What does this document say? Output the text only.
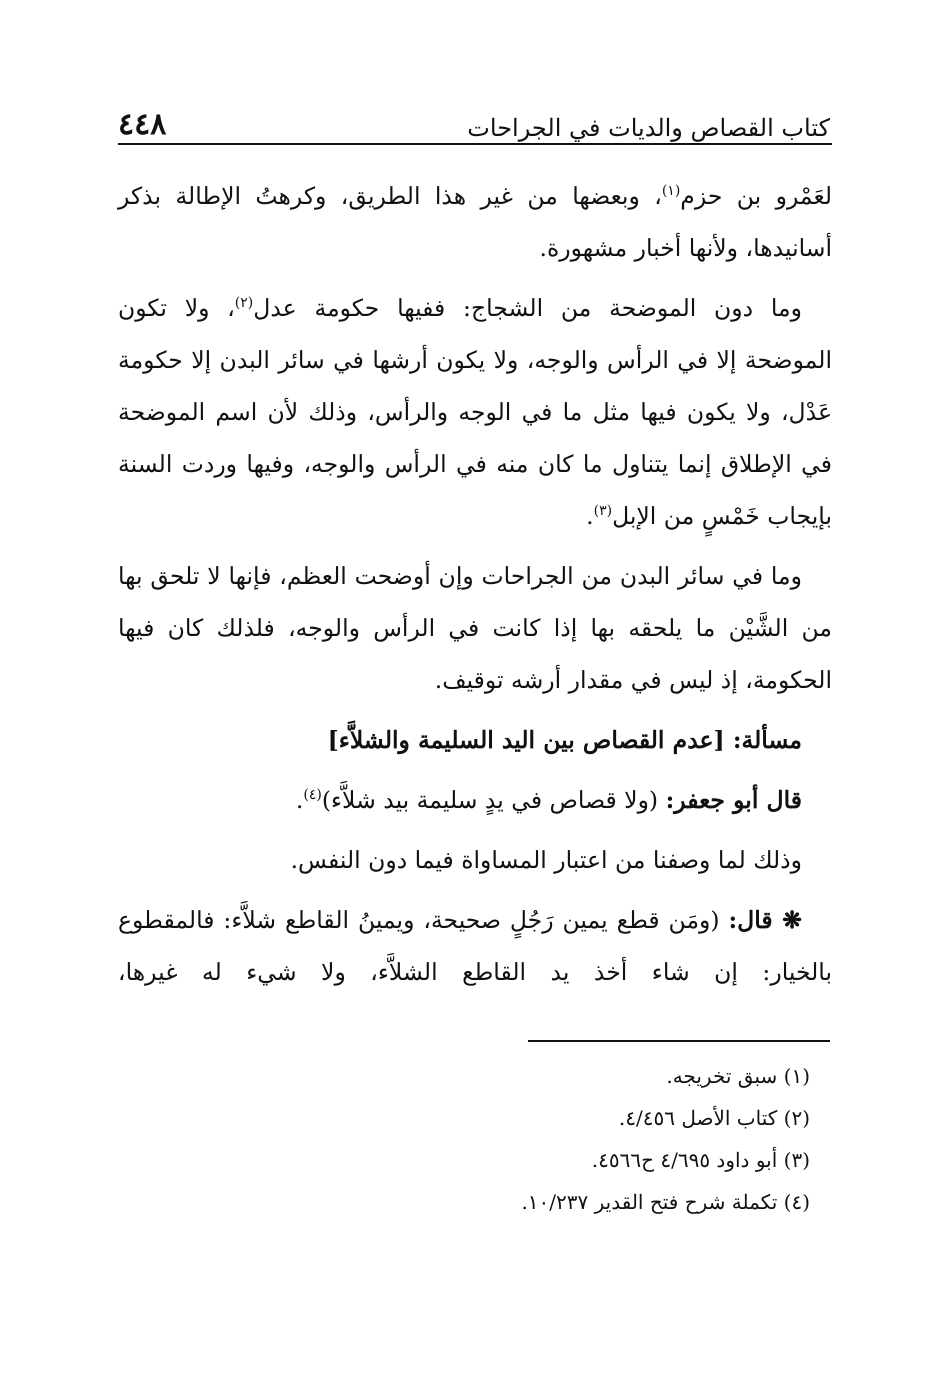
كتاب القصاص والديات في الجراحات
٤٤٨

لعَمْرو بن حزم$^{(١)}$، وبعضها من غير هذا الطريق، وكرهتُ الإطالة بذكر أسانيدها، ولأنها أخبار مشهورة.

وما دون الموضحة من الشجاج: ففيها حكومة عدل$^{(٢)}$، ولا تكون الموضحة إلا في الرأس والوجه، ولا يكون أرشها في سائر البدن إلا حكومة عَدْل، ولا يكون فيها مثل ما في الوجه والرأس، وذلك لأن اسم الموضحة في الإطلاق إنما يتناول ما كان منه في الرأس والوجه، وفيها وردت السنة بإيجاب خَمْسٍ من الإبل$^{(٣)}$.

وما في سائر البدن من الجراحات وإن أوضحت العظم، فإنها لا تلحق بها من الشَّيْن ما يلحقه بها إذا كانت في الرأس والوجه، فلذلك كان فيها الحكومة، إذ ليس في مقدار أرشه توقيف.

مسألة: [عدم القصاص بين اليد السليمة والشلاَّء]

قال أبو جعفر: (ولا قصاص في يدٍ سليمة بيد شلاَّء)$^{(٤)}$.

وذلك لما وصفنا من اعتبار المساواة فيما دون النفس.

❋ قال: (ومَن قطع يمين رَجُلٍ صحيحة، ويمينُ القاطع شلاَّء: فالمقطوع بالخيار: إن شاء أخذ يد القاطع الشلاَّء، ولا شيء له غيرها،

(١) سبق تخريجه.

(٢) كتاب الأصل ٤/٤٥٦.

(٣) أبو داود ٤/٦٩٥ ح٤٥٦٦.

(٤) تكملة شرح فتح القدير ١٠/٢٣٧.
